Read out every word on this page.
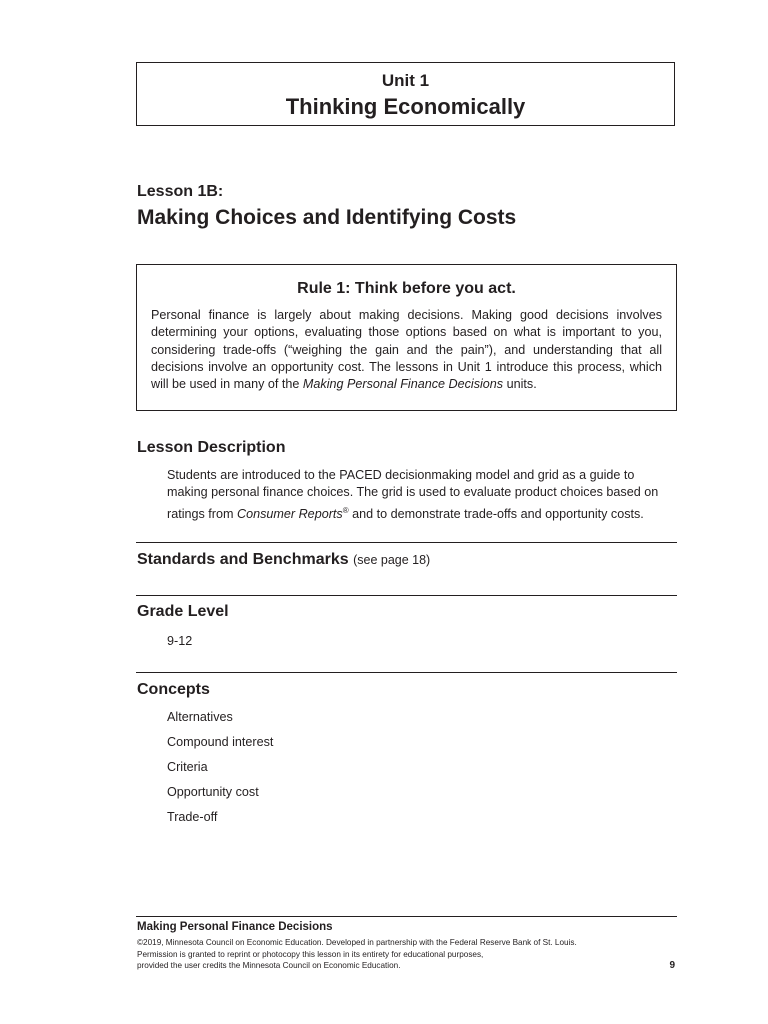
Unit 1
Thinking Economically
Lesson 1B:
Making Choices and Identifying Costs
Rule 1: Think before you act.
Personal finance is largely about making decisions. Making good decisions involves determining your options, evaluating those options based on what is important to you, considering trade-offs (“weighing the gain and the pain”), and understanding that all decisions involve an opportunity cost. The lessons in Unit 1 introduce this process, which will be used in many of the Making Personal Finance Decisions units.
Lesson Description
Students are introduced to the PACED decisionmaking model and grid as a guide to making personal finance choices. The grid is used to evaluate product choices based on ratings from Consumer Reports® and to demonstrate trade-offs and opportunity costs.
Standards and Benchmarks (see page 18)
Grade Level
9-12
Concepts
Alternatives
Compound interest
Criteria
Opportunity cost
Trade-off
Making Personal Finance Decisions
©2019, Minnesota Council on Economic Education. Developed in partnership with the Federal Reserve Bank of St. Louis.
Permission is granted to reprint or photocopy this lesson in its entirety for educational purposes,
provided the user credits the Minnesota Council on Economic Education.	9
